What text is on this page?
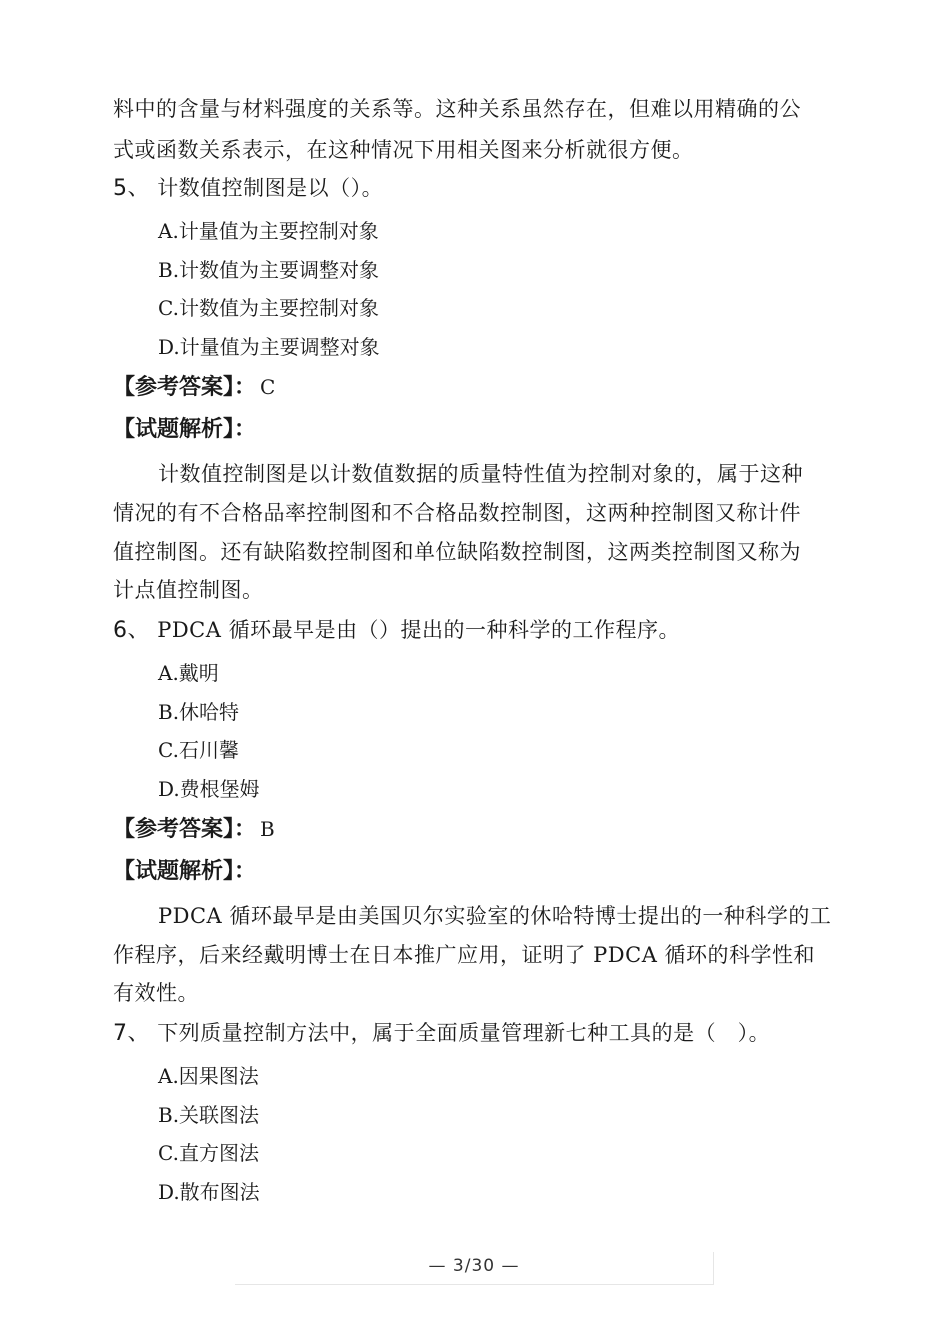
料中的含量与材料强度的关系等。这种关系虽然存在，但难以用精确的公
式或函数关系表示，在这种情况下用相关图来分析就很方便。
5、 计数值控制图是以（）。
A.计量值为主要控制对象
B.计数值为主要调整对象
C.计数值为主要控制对象
D.计量值为主要调整对象
【参考答案】： C
【试题解析】：
计数值控制图是以计数值数据的质量特性值为控制对象的，属于这种
情况的有不合格品率控制图和不合格品数控制图，这两种控制图又称计件
值控制图。还有缺陷数控制图和单位缺陷数控制图，这两类控制图又称为
计点值控制图。
6、 PDCA 循环最早是由（）提出的一种科学的工作程序。
A.戴明
B.休哈特
C.石川馨
D.费根堡姆
【参考答案】： B
【试题解析】：
PDCA 循环最早是由美国贝尔实验室的休哈特博士提出的一种科学的工
作程序，后来经戴明博士在日本推广应用，证明了 PDCA 循环的科学性和
有效性。
7、 下列质量控制方法中，属于全面质量管理新七种工具的是（　）。
A.因果图法
B.关联图法
C.直方图法
D.散布图法
— 3/30 —
